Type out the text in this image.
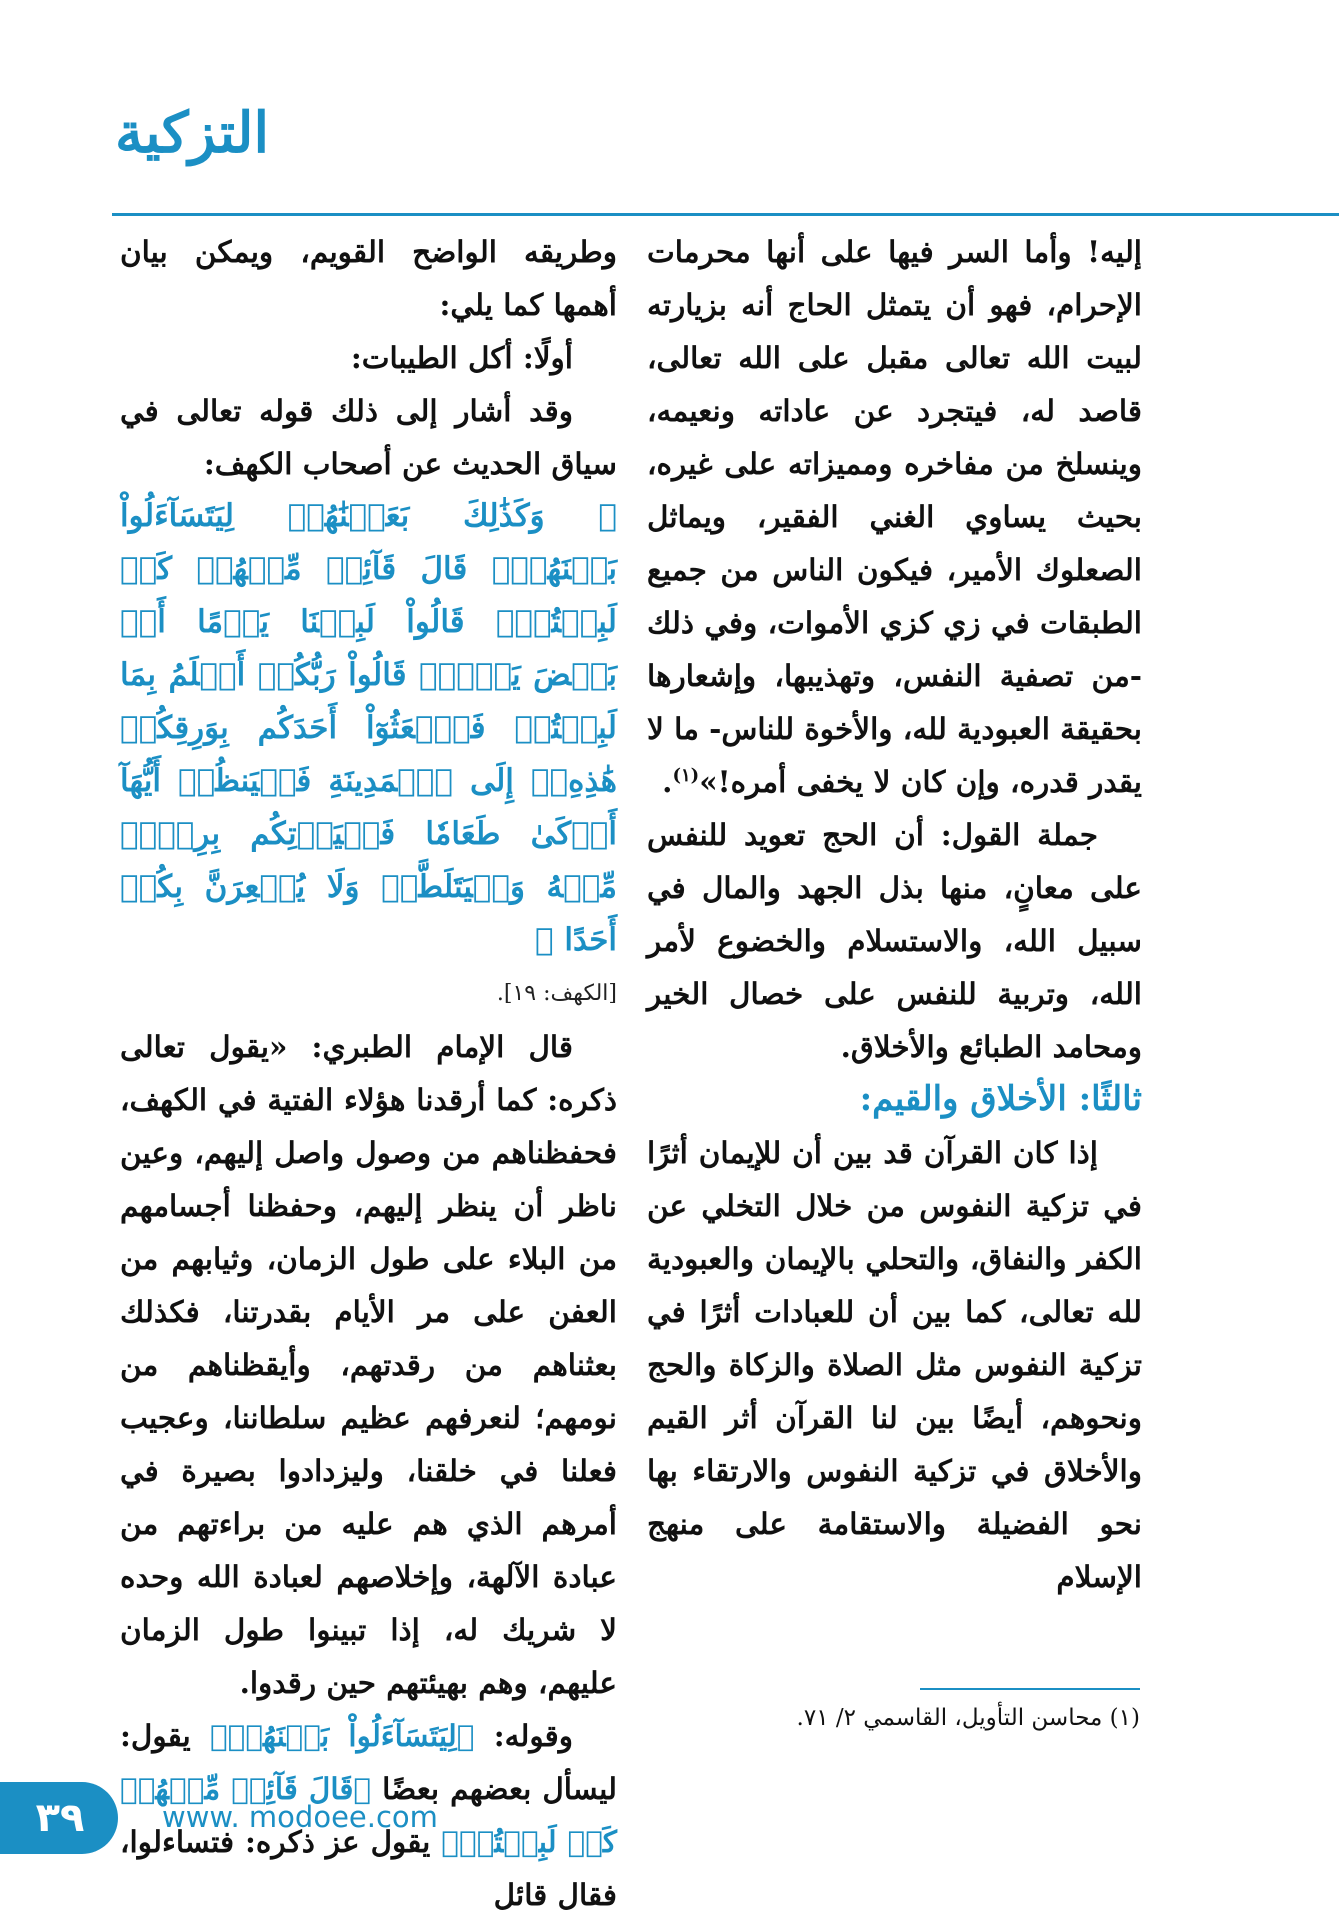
التزكية

إليه! وأما السر فيها على أنها محرمات الإحرام، فهو أن يتمثل الحاج أنه بزيارته لبيت الله تعالى مقبل على الله تعالى، قاصد له، فيتجرد عن عاداته ونعيمه، وينسلخ من مفاخره ومميزاته على غيره، بحيث يساوي الغني الفقير، ويماثل الصعلوك الأمير، فيكون الناس من جميع الطبقات في زي كزي الأموات، وفي ذلك -من تصفية النفس، وتهذيبها، وإشعارها بحقيقة العبودية لله، والأخوة للناس- ما لا يقدر قدره، وإن كان لا يخفى أمره!»$^{(١)}$.

جملة القول: أن الحج تعويد للنفس على معانٍ، منها بذل الجهد والمال في سبيل الله، والاستسلام والخضوع لأمر الله، وتربية للنفس على خصال الخير ومحامد الطبائع والأخلاق.

ثالثًا: الأخلاق والقيم:

إذا كان القرآن قد بين أن للإيمان أثرًا في تزكية النفوس من خلال التخلي عن الكفر والنفاق، والتحلي بالإيمان والعبودية لله تعالى، كما بين أن للعبادات أثرًا في تزكية النفوس مثل الصلاة والزكاة والحج ونحوهم، أيضًا بين لنا القرآن أثر القيم والأخلاق في تزكية النفوس والارتقاء بها نحو الفضيلة والاستقامة على منهج الإسلام

وطريقه الواضح القويم، ويمكن بيان أهمها كما يلي:

أولًا: أكل الطيبات:

وقد أشار إلى ذلك قوله تعالى في سياق الحديث عن أصحاب الكهف:

﴿ وَكَذَٰلِكَ بَعَثۡنَٰهُمۡ لِيَتَسَآءَلُواْ بَيۡنَهُمۡۚ قَالَ قَآئِلٞ مِّنۡهُمۡ كَمۡ لَبِثۡتُمۡۖ قَالُواْ لَبِثۡنَا يَوۡمًا أَوۡ بَعۡضَ يَوۡمٖۚ قَالُواْ رَبُّكُمۡ أَعۡلَمُ بِمَا لَبِثۡتُمۡ فَٱبۡعَثُوٓاْ أَحَدَكُم بِوَرِقِكُمۡ هَٰذِهِۦٓ إِلَى ٱلۡمَدِينَةِ فَلۡيَنظُرۡ أَيُّهَآ أَزۡكَىٰ طَعَامٗا فَلۡيَأۡتِكُم بِرِزۡقٖ مِّنۡهُ وَلۡيَتَلَطَّفۡ وَلَا يُشۡعِرَنَّ بِكُمۡ أَحَدًا ﴾

[الكهف: ١٩].

قال الإمام الطبري: «يقول تعالى ذكره: كما أرقدنا هؤلاء الفتية في الكهف، فحفظناهم من وصول واصل إليهم، وعين ناظر أن ينظر إليهم، وحفظنا أجسامهم من البلاء على طول الزمان، وثيابهم من العفن على مر الأيام بقدرتنا، فكذلك بعثناهم من رقدتهم، وأيقظناهم من نومهم؛ لنعرفهم عظيم سلطاننا، وعجيب فعلنا في خلقنا، وليزدادوا بصيرة في أمرهم الذي هم عليه من براءتهم من عبادة الآلهة، وإخلاصهم لعبادة الله وحده لا شريك له، إذا تبينوا طول الزمان عليهم، وهم بهيئتهم حين رقدوا.

وقوله: ﴿لِيَتَسَآءَلُواْ بَيۡنَهُمۡ﴾ يقول: ليسأل بعضهم بعضًا ﴿قَالَ قَآئِلٞ مِّنۡهُمۡ كَمۡ لَبِثۡتُمۡ﴾ يقول عز ذكره: فتساءلوا، فقال قائل

(١) محاسن التأويل، القاسمي ٢/ ٧١.
٣٩	www. modoee.com
